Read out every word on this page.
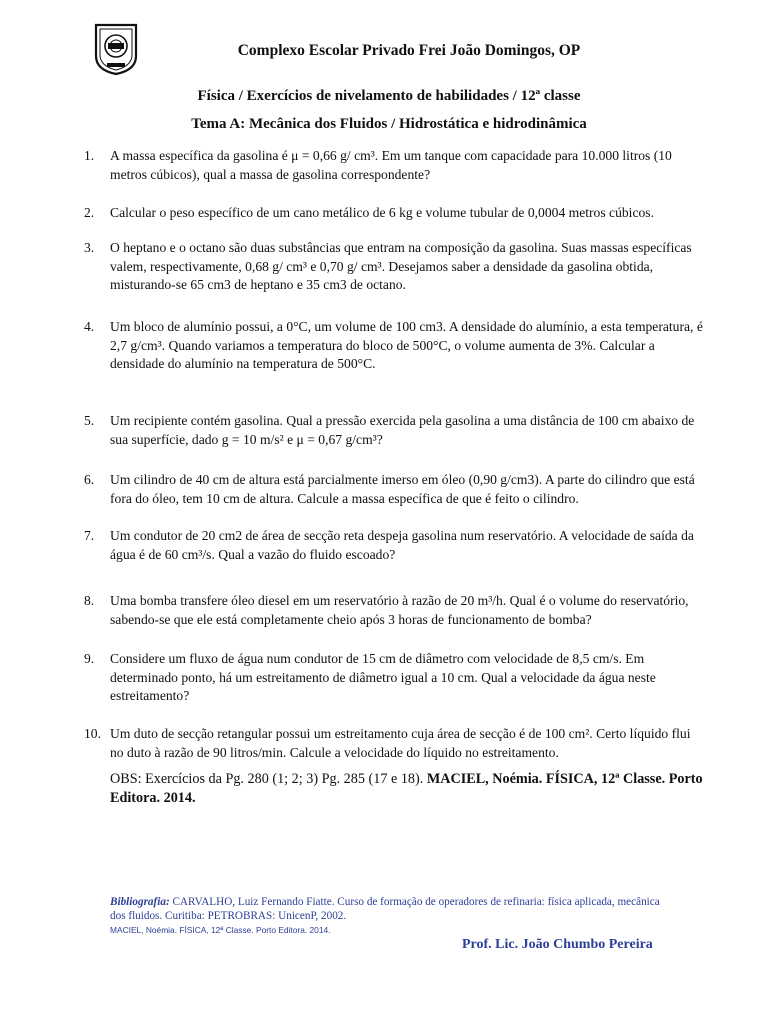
Complexo Escolar Privado Frei João Domingos, OP
Física / Exercícios de nivelamento de habilidades / 12ª classe
Tema A: Mecânica dos Fluidos / Hidrostática e hidrodinâmica
1.	A massa específica da gasolina é μ = 0,66 g/ cm³. Em um tanque com capacidade para 10.000 litros (10 metros cúbicos), qual a massa de gasolina correspondente?
2.	Calcular o peso específico de um cano metálico de 6 kg e volume tubular de 0,0004 metros cúbicos.
3.	O heptano e o octano são duas substâncias que entram na composição da gasolina. Suas massas específicas valem, respectivamente, 0,68 g/ cm³ e 0,70 g/ cm³. Desejamos saber a densidade da gasolina obtida, misturando-se 65 cm3 de heptano e 35 cm3 de octano.
4.	Um bloco de alumínio possui, a 0°C, um volume de 100 cm3. A densidade do alumínio, a esta temperatura, é 2,7 g/cm³. Quando variamos a temperatura do bloco de 500°C, o volume aumenta de 3%. Calcular a densidade do alumínio na temperatura de 500°C.
5.	Um recipiente contém gasolina. Qual a pressão exercida pela gasolina a uma distância de 100 cm abaixo de sua superfície, dado g = 10 m/s² e μ = 0,67 g/cm³?
6.	Um cilindro de 40 cm de altura está parcialmente imerso em óleo (0,90 g/cm3). A parte do cilindro que está fora do óleo, tem 10 cm de altura. Calcule a massa específica de que é feito o cilindro.
7.	Um condutor de 20 cm2 de área de secção reta despeja gasolina num reservatório. A velocidade de saída da água é de 60 cm³/s. Qual a vazão do fluido escoado?
8.	Uma bomba transfere óleo diesel em um reservatório à razão de 20 m³/h. Qual é o volume do reservatório, sabendo-se que ele está completamente cheio após 3 horas de funcionamento de bomba?
9.	Considere um fluxo de água num condutor de 15 cm de diâmetro com velocidade de 8,5 cm/s. Em determinado ponto, há um estreitamento de diâmetro igual a 10 cm. Qual a velocidade da água neste estreitamento?
10. Um duto de secção retangular possui um estreitamento cuja área de secção é de 100 cm². Certo líquido flui no duto à razão de 90 litros/min. Calcule a velocidade do líquido no estreitamento.
OBS: Exercícios da Pg. 280 (1; 2; 3) Pg. 285 (17 e 18). MACIEL, Noémia. FÍSICA, 12ª Classe. Porto Editora. 2014.
Bibliografia: CARVALHO, Luiz Fernando Fiatte. Curso de formação de operadores de refinaria: física aplicada, mecânica dos fluidos. Curitiba: PETROBRAS: UnicenP, 2002.
MACIEL, Noémia. FÍSICA, 12ª Classe. Porto Editora. 2014.
Prof. Lic. João Chumbo Pereira
